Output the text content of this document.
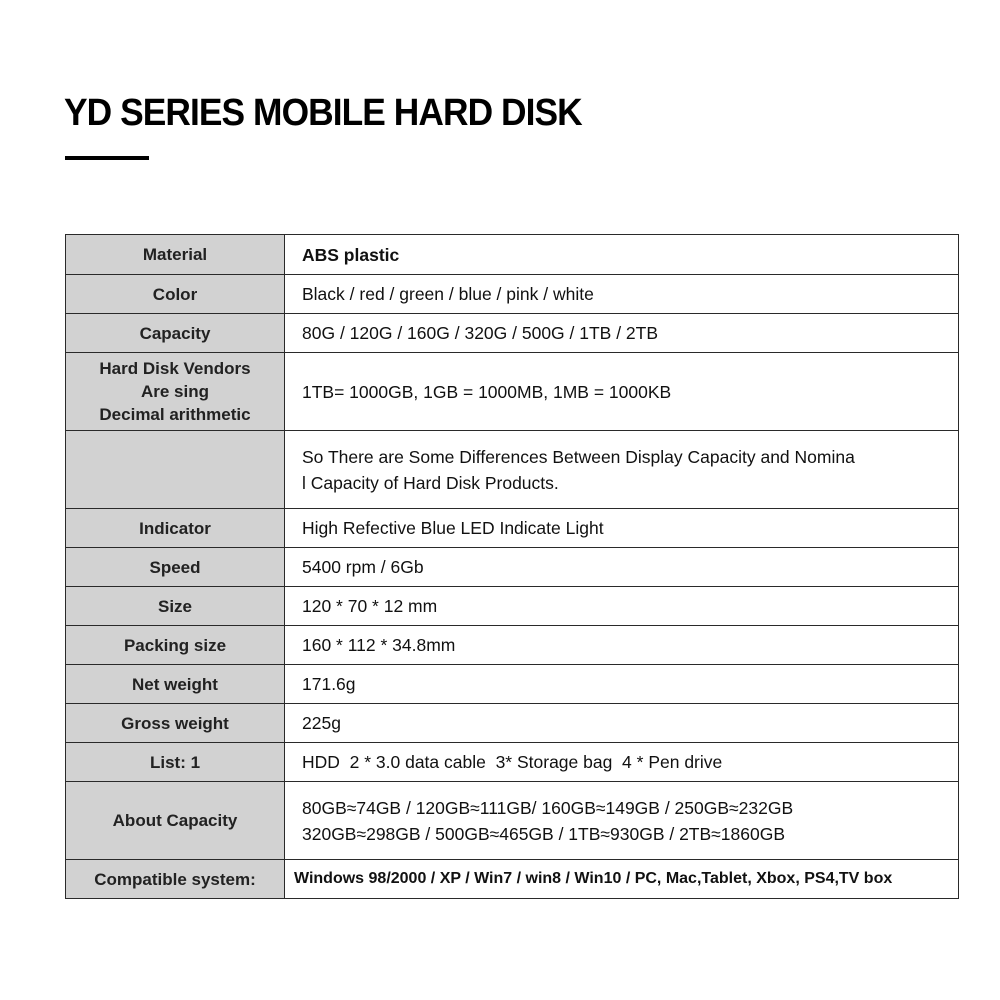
YD SERIES MOBILE HARD DISK
Material	ABS plastic
Color	Black / red / green / blue / pink / white
Capacity	80G / 120G / 160G / 320G / 500G / 1TB / 2TB

Hard Disk Vendors
Are sing
Decimal arithmetic	1TB= 1000GB, 1GB = 1000MB, 1MB = 1000KB

	So There are Some Differences Between Display Capacity and Nomina
l Capacity of Hard Disk Products.

Indicator	High Refective Blue LED Indicate Light
Speed	5400 rpm / 6Gb
Size	120 * 70 * 12 mm
Packing size	160 * 112 * 34.8mm
Net weight	171.6g
Gross weight	225g
List: 1	HDD  2 * 3.0 data cable  3* Storage bag  4 * Pen drive
About Capacity	80GB≈74GB / 120GB≈111GB/ 160GB≈149GB / 250GB≈232GB
320GB≈298GB / 500GB≈465GB / 1TB≈930GB / 2TB≈1860GB

Compatible system:	Windows 98/2000 / XP / Win7 / win8 / Win10 / PC, Mac,Tablet, Xbox, PS4,TV box
